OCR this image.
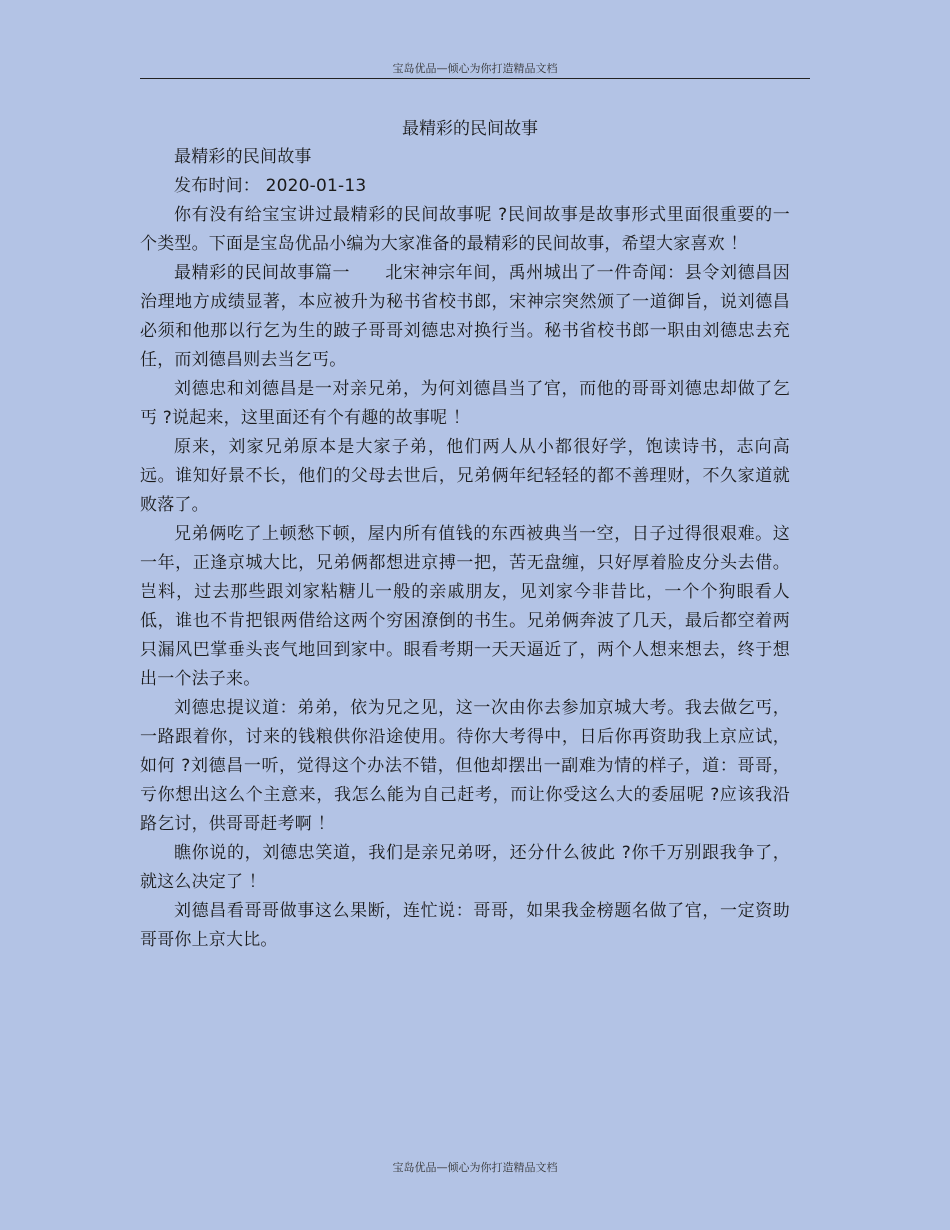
宝岛优品—倾心为你打造精品文档
最精彩的民间故事

最精彩的民间故事

发布时间： 2020-01-13

你有没有给宝宝讲过最精彩的民间故事呢 ?民间故事是故事形式里面很重要的一个类型。下面是宝岛优品小编为大家准备的最精彩的民间故事，希望大家喜欢 ！

最精彩的民间故事篇一　　北宋神宗年间，禹州城出了一件奇闻：县令刘德昌因治理地方成绩显著，本应被升为秘书省校书郎，宋神宗突然颁了一道御旨，说刘德昌必须和他那以行乞为生的跛子哥哥刘德忠对换行当。秘书省校书郎一职由刘德忠去充任，而刘德昌则去当乞丐。

刘德忠和刘德昌是一对亲兄弟，为何刘德昌当了官，而他的哥哥刘德忠却做了乞丐 ?说起来，这里面还有个有趣的故事呢 ！

原来，刘家兄弟原本是大家子弟，他们两人从小都很好学，饱读诗书，志向高远。谁知好景不长，他们的父母去世后，兄弟俩年纪轻轻的都不善理财，不久家道就败落了。

兄弟俩吃了上顿愁下顿，屋内所有值钱的东西被典当一空，日子过得很艰难。这一年，正逢京城大比，兄弟俩都想进京搏一把，苦无盘缠，只好厚着脸皮分头去借。岂料，过去那些跟刘家粘糖儿一般的亲戚朋友，见刘家今非昔比，一个个狗眼看人低，谁也不肯把银两借给这两个穷困潦倒的书生。兄弟俩奔波了几天，最后都空着两只漏风巴掌垂头丧气地回到家中。眼看考期一天天逼近了，两个人想来想去，终于想出一个法子来。

刘德忠提议道：弟弟，依为兄之见，这一次由你去参加京城大考。我去做乞丐，一路跟着你，讨来的钱粮供你沿途使用。待你大考得中，日后你再资助我上京应试，如何 ?刘德昌一听，觉得这个办法不错，但他却摆出一副难为情的样子，道：哥哥，亏你想出这么个主意来，我怎么能为自己赶考，而让你受这么大的委屈呢 ?应该我沿路乞讨，供哥哥赶考啊 ！

瞧你说的，刘德忠笑道，我们是亲兄弟呀，还分什么彼此 ?你千万别跟我争了，就这么决定了 ！

刘德昌看哥哥做事这么果断，连忙说：哥哥，如果我金榜题名做了官，一定资助哥哥你上京大比。

宝岛优品—倾心为你打造精品文档
